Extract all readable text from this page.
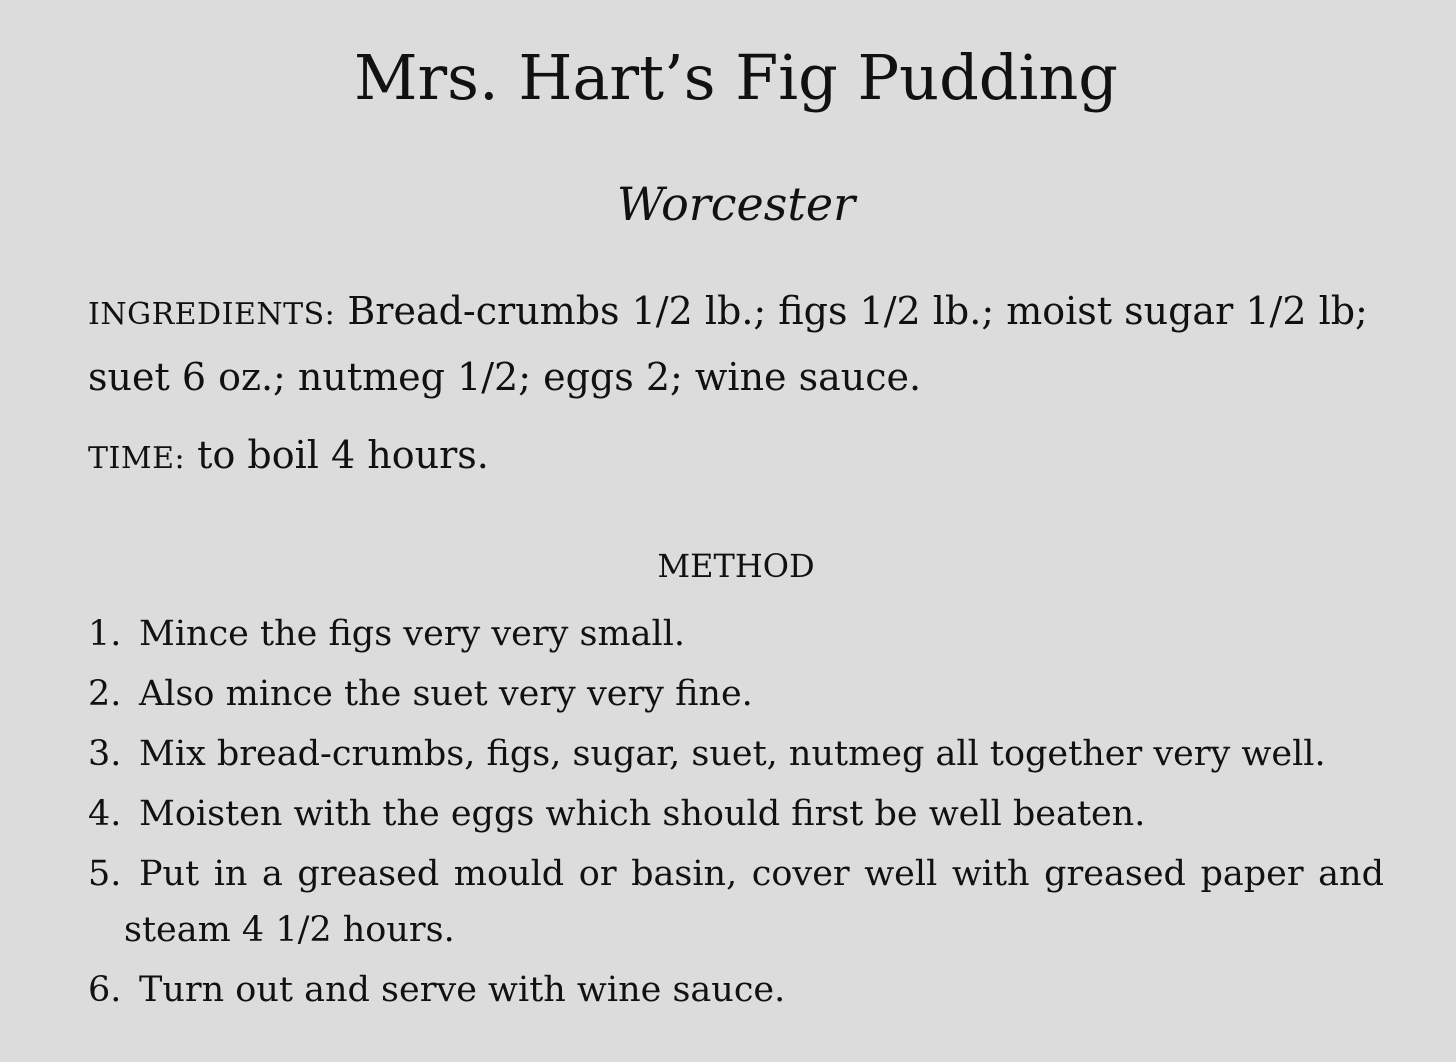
Mrs. Hart’s Fig Pudding

Worcester

INGREDIENTS: Bread-crumbs 1/2 lb.; figs 1/2 lb.; moist sugar 1/2 lb; suet 6 oz.; nutmeg 1/2; eggs 2; wine sauce.

TIME: to boil 4 hours.

METHOD
1. Mince the figs very very small.
2. Also mince the suet very very fine.
3. Mix bread-crumbs, figs, sugar, suet, nutmeg all together very well.
4. Moisten with the eggs which should first be well beaten.
5. Put in a greased mould or basin, cover well with greased paper and steam 4 1/2 hours.
6. Turn out and serve with wine sauce.
